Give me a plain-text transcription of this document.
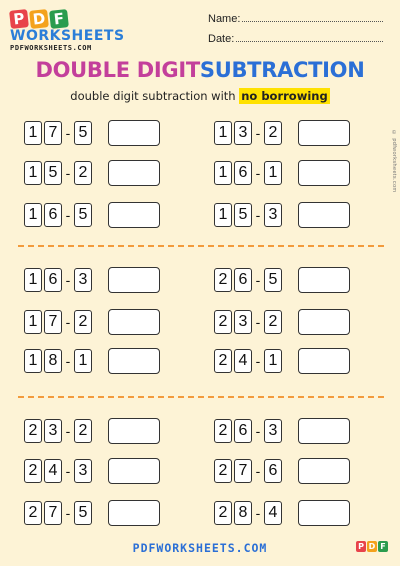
P D F
WORKSHEETS
PDFWORKSHEETS.COM
Name:
Date:
DOUBLE DIGITSUBTRACTION
double digit subtraction with no borrowing
© pdfworksheets.com
1 7 - 5	1 3 - 2
1 5 - 2	1 6 - 1
1 6 - 5	1 5 - 3
1 6 - 3	2 6 - 5
1 7 - 2	2 3 - 2
1 8 - 1	2 4 - 1
2 3 - 2	2 6 - 3
2 4 - 3	2 7 - 6
2 7 - 5	2 8 - 4
PDFWORKSHEETS.COM	P D F
